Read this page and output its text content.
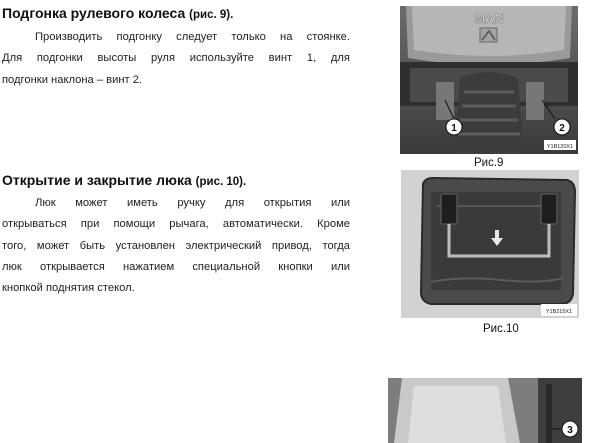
Подгонка рулевого колеса (рис. 9).
Производить подгонку следует только на стоянке.
Для подгонки высоты руля используйте винт 1, для
подгонки наклона – винт 2.
Открытие и закрытие люка (рис. 10).
Люк может иметь ручку для открытия или
открываться при помощи рычага, автоматически. Кроме
того, может быть установлен электрический привод, тогда
люк открывается нажатием специальной кнопки или
кнопкой поднятия стекол.
MAN
1	2
Y1B120X1
Рис.9
Y1B215X1
Рис.10
3
